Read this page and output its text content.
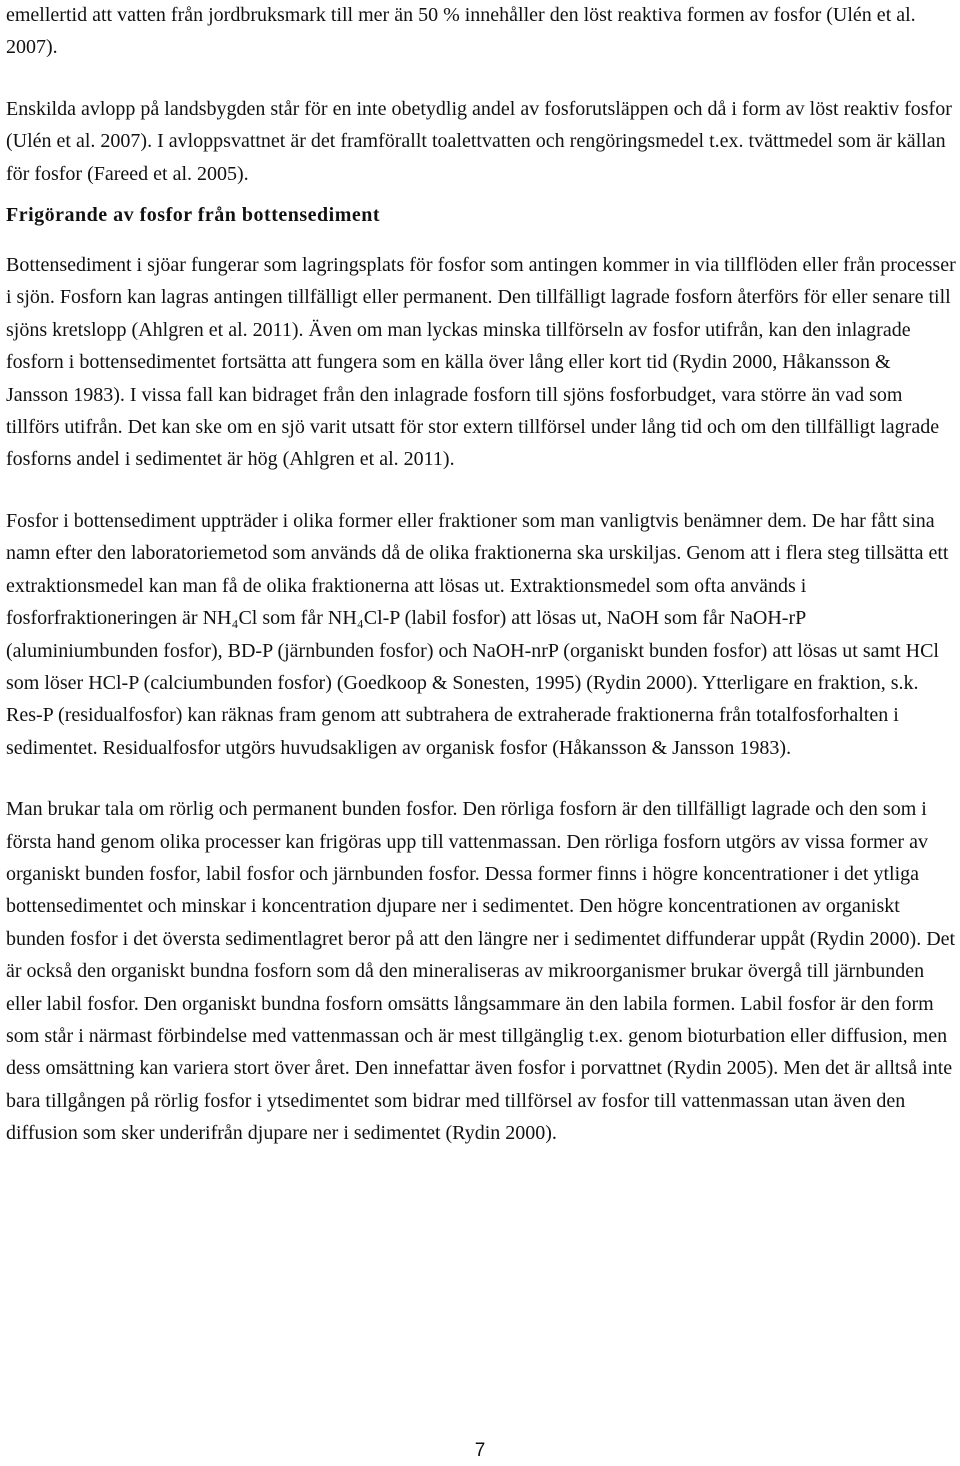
emellertid att vatten från jordbruksmark till mer än 50 % innehåller den löst reaktiva formen av fosfor (Ulén et al. 2007).

Enskilda avlopp på landsbygden står för en inte obetydlig andel av fosforutsläppen och då i form av löst reaktiv fosfor (Ulén et al. 2007). I avloppsvattnet är det framförallt toalettvatten och rengöringsmedel t.ex. tvättmedel som är källan för fosfor (Fareed et al. 2005).

Frigörande av fosfor från bottensediment

Bottensediment i sjöar fungerar som lagringsplats för fosfor som antingen kommer in via tillflöden eller från processer i sjön. Fosforn kan lagras antingen tillfälligt eller permanent. Den tillfälligt lagrade fosforn återförs för eller senare till sjöns kretslopp (Ahlgren et al. 2011). Även om man lyckas minska tillförseln av fosfor utifrån, kan den inlagrade fosforn i bottensedimentet fortsätta att fungera som en källa över lång eller kort tid (Rydin 2000, Håkansson & Jansson 1983). I vissa fall kan bidraget från den inlagrade fosforn till sjöns fosforbudget, vara större än vad som tillförs utifrån. Det kan ske om en sjö varit utsatt för stor extern tillförsel under lång tid och om den tillfälligt lagrade fosforns andel i sedimentet är hög (Ahlgren et al. 2011).

Fosfor i bottensediment uppträder i olika former eller fraktioner som man vanligtvis benämner dem. De har fått sina namn efter den laboratoriemetod som används då de olika fraktionerna ska urskiljas. Genom att i flera steg tillsätta ett extraktionsmedel kan man få de olika fraktionerna att lösas ut. Extraktionsmedel som ofta används i fosforfraktioneringen är NH₄Cl som får NH₄Cl-P (labil fosfor) att lösas ut, NaOH som får NaOH-rP (aluminiumbunden fosfor), BD-P (järnbunden fosfor) och NaOH-nrP (organiskt bunden fosfor) att lösas ut samt HCl som löser HCl-P (calciumbunden fosfor) (Goedkoop & Sonesten, 1995) (Rydin 2000). Ytterligare en fraktion, s.k. Res-P (residualfosfor) kan räknas fram genom att subtrahera de extraherade fraktionerna från totalfosforhalten i sedimentet. Residualfosfor utgörs huvudsakligen av organisk fosfor (Håkansson & Jansson 1983).

Man brukar tala om rörlig och permanent bunden fosfor. Den rörliga fosforn är den tillfälligt lagrade och den som i första hand genom olika processer kan frigöras upp till vattenmassan. Den rörliga fosforn utgörs av vissa former av organiskt bunden fosfor, labil fosfor och järnbunden fosfor. Dessa former finns i högre koncentrationer i det ytliga bottensedimentet och minskar i koncentration djupare ner i sedimentet. Den högre koncentrationen av organiskt bunden fosfor i det översta sedimentlagret beror på att den längre ner i sedimentet diffunderar uppåt (Rydin 2000). Det är också den organiskt bundna fosforn som då den mineraliseras av mikroorganismer brukar övergå till järnbunden eller labil fosfor. Den organiskt bundna fosforn omsätts långsammare än den labila formen. Labil fosfor är den form som står i närmast förbindelse med vattenmassan och är mest tillgänglig t.ex. genom bioturbation eller diffusion, men dess omsättning kan variera stort över året. Den innefattar även fosfor i porvattnet (Rydin 2005). Men det är alltså inte bara tillgången på rörlig fosfor i ytsedimentet som bidrar med tillförsel av fosfor till vattenmassan utan även den diffusion som sker underifrån djupare ner i sedimentet (Rydin 2000).

7
